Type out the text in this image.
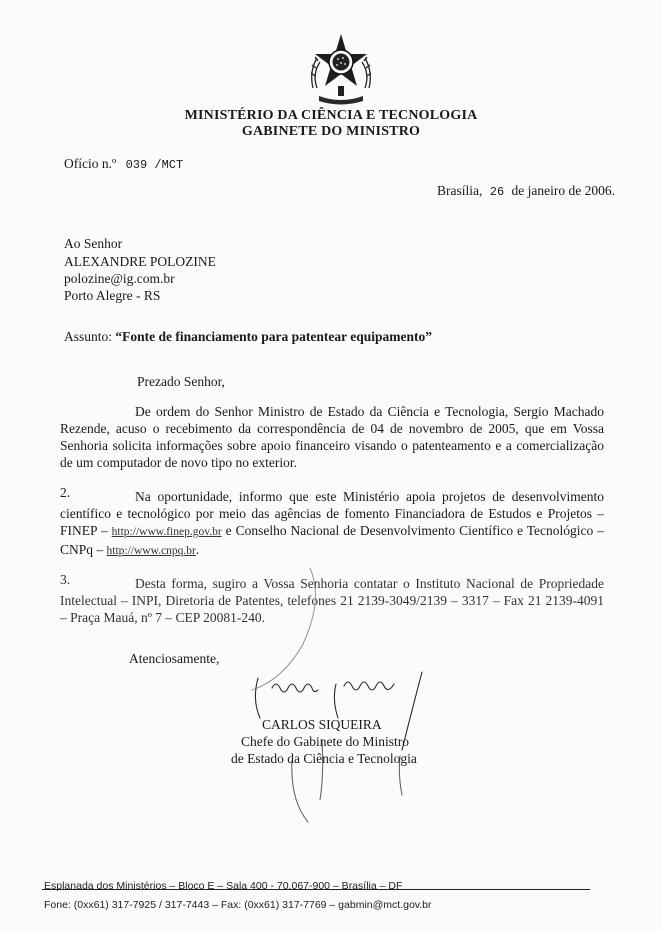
MINISTÉRIO DA CIÊNCIA E TECNOLOGIA
GABINETE DO MINISTRO
Ofício n.º 039 /MCT
Brasília, 26 de janeiro de 2006.
Ao Senhor
ALEXANDRE POLOZINE
polozine@ig.com.br
Porto Alegre - RS
Assunto: “Fonte de financiamento para patentear equipamento”
Prezado Senhor,
De ordem do Senhor Ministro de Estado da Ciência e Tecnologia, Sergio Machado Rezende, acuso o recebimento da correspondência de 04 de novembro de 2005, que em Vossa Senhoria solicita informações sobre apoio financeiro visando o patenteamento e a comercialização de um computador de novo tipo no exterior.
2.	Na oportunidade, informo que este Ministério apoia projetos de desenvolvimento científico e tecnológico por meio das agências de fomento Financiadora de Estudos e Projetos – FINEP – http://www.finep.gov.br e Conselho Nacional de Desenvolvimento Científico e Tecnológico – CNPq – http://www.cnpq.br.
3.	Desta forma, sugiro a Vossa Senhoria contatar o Instituto Nacional de Propriedade Intelectual – INPI, Diretoria de Patentes, telefones 21 2139-3049/2139 – 3317 – Fax 21 2139-4091 – Praça Mauá, nº 7 – CEP 20081-240.
Atenciosamente,
CARLOS SIQUEIRA
Chefe do Gabinete do Ministro
de Estado da Ciência e Tecnologia
Esplanada dos Ministérios – Bloco E – Sala 400 - 70.067-900 – Brasília – DF
Fone: (0xx61) 317-7925 / 317-7443 – Fax: (0xx61) 317-7769 – gabmin@mct.gov.br
